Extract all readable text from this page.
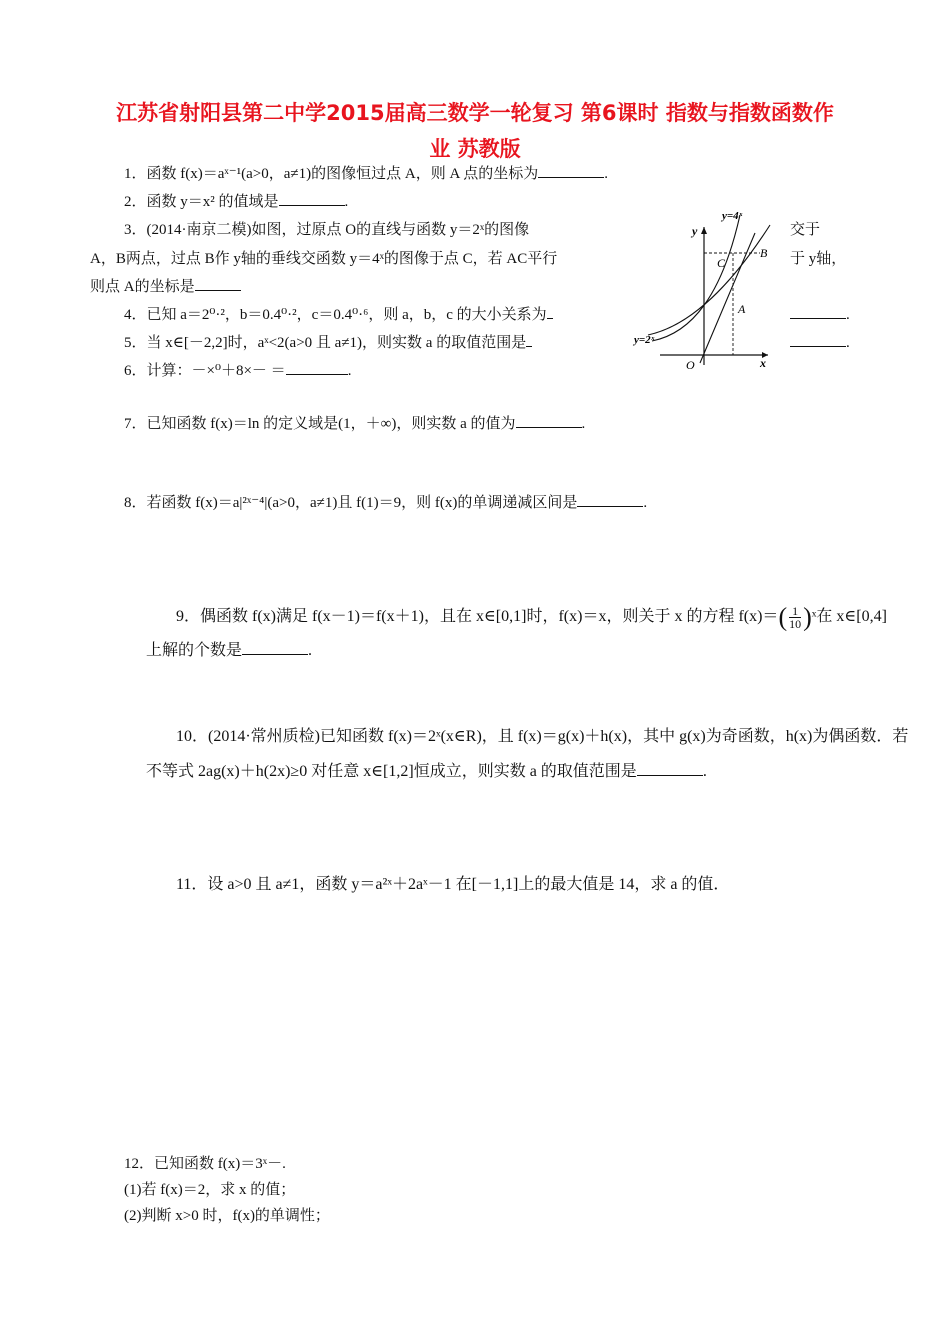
江苏省射阳县第二中学2015届高三数学一轮复习 第6课时 指数与指数函数作
业 苏教版
1．函数 f(x)＝aˣ⁻¹(a>0，a≠1)的图像恒过点 A，则 A 点的坐标为	.
2．函数 y＝x² 的值域是	.
3．(2014·南京二模)如图，过原点 O的直线与函数 y＝2ˣ的图像	交于
A，B两点，过点 B作 y轴的垂线交函数 y＝4ˣ的图像于点 C，若 AC平行	于 y轴，
则点 A的坐标是
4．已知 a＝2⁰·²，b＝0.4⁰·²，c＝0.4⁰·⁶，则 a，b，c 的大小关系为	.
5．当 x∈[－2,2]时，aˣ<2(a>0 且 a≠1)，则实数 a 的取值范围是	.
6．计算：－×⁰＋8×－ ＝	.
y=4ˣ
y=2ˣ
y
x
O
A
B
C
7．已知函数 f(x)＝ln 的定义域是(1，＋∞)，则实数 a 的值为	.
8．若函数 f(x)＝a|²ˣ⁻⁴|(a>0，a≠1)且 f(1)＝9，则 f(x)的单调递减区间是	.
9．偶函数 f(x)满足 f(x－1)＝f(x＋1)，且在 x∈[0,1]时，f(x)＝x，则关于 x 的方程 $f(x)=( \frac{1}{10}$ )ˣ在 x∈[0,4]
上解的个数是	.
10．(2014·常州质检)已知函数 f(x)＝2ˣ(x∈R)，且 f(x)＝g(x)＋h(x)，其中 g(x)为奇函数，h(x)为偶函数．若
不等式 2ag(x)＋h(2x)≥0 对任意 x∈[1,2]恒成立，则实数 a 的取值范围是	.
11．设 a>0 且 a≠1，函数 y＝a²ˣ＋2aˣ－1 在[－1,1]上的最大值是 14，求 a 的值．
12．已知函数 f(x)＝3ˣ－.
(1)若 f(x)＝2，求 x 的值；
(2)判断 x>0 时，f(x)的单调性；
